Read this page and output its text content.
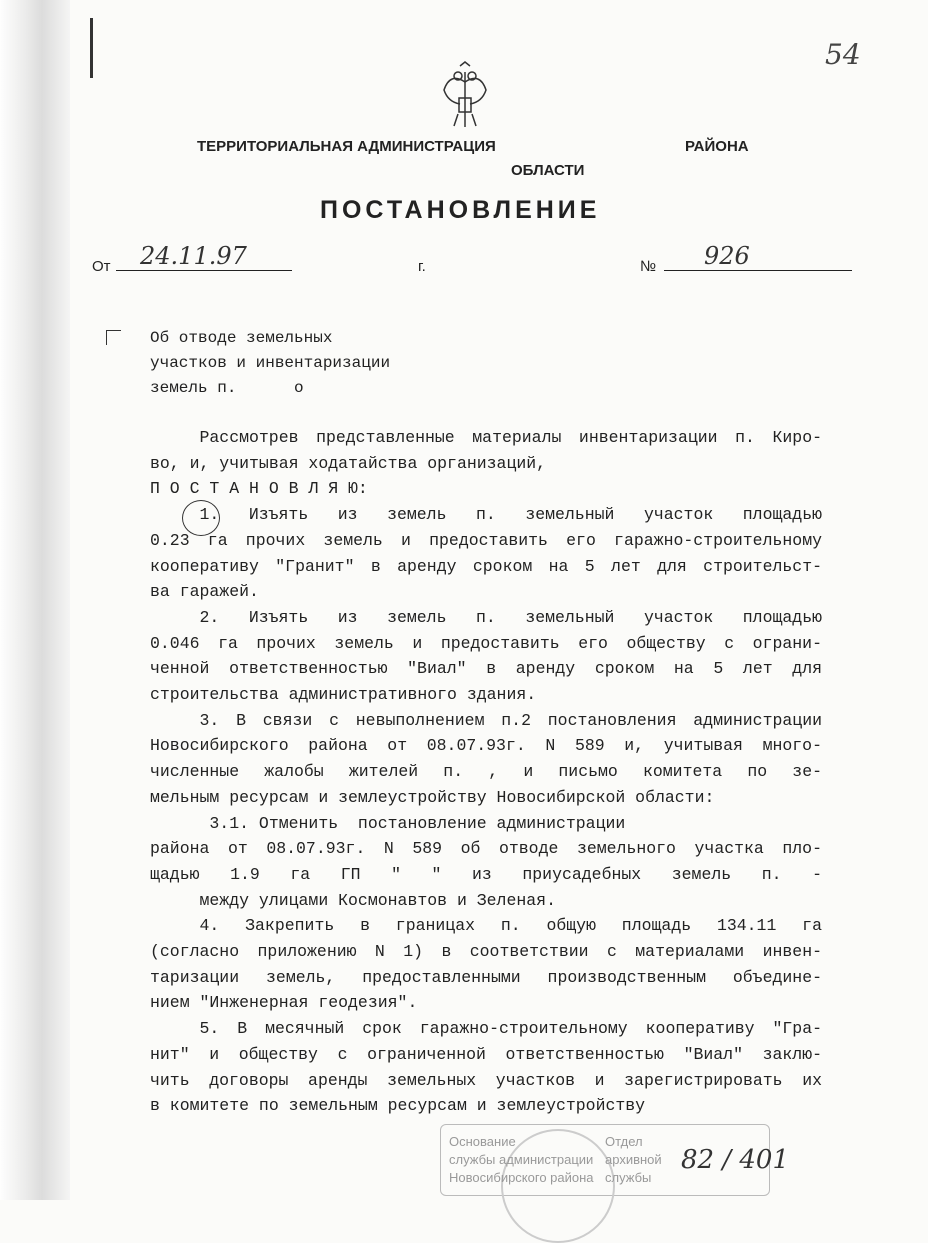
54
ТЕРРИТОРИАЛЬНАЯ АДМИНИСТРАЦИЯ	РАЙОНА
ОБЛАСТИ
ПОСТАНОВЛЕНИЕ
От 24.11.97	г.	№ 926
Об отводе земельных
участков и инвентаризации
земель п.      о
Рассмотрев представленные материалы инвентаризации п. Киро-
во, и, учитывая ходатайства организаций,
П О С Т А Н О В Л Я Ю:
1. Изъять из земель п. земельный участок площадью
0.23 га прочих земель и предоставить его гаражно-строительному
кооперативу "Гранит" в аренду сроком на 5 лет для строительст-
ва гаражей.
2. Изъять из земель п. земельный участок площадью
0.046 га прочих земель и предоставить его обществу с ограни-
ченной ответственностью "Виал" в аренду сроком на 5 лет для
строительства административного здания.
3. В связи с невыполнением п.2 постановления администрации
Новосибирского района от 08.07.93г. N 589 и, учитывая много-
численные жалобы жителей п. , и письмо комитета по зе-
мельным ресурсам и землеустройству Новосибирской области:
3.1. Отменить  постановление администрации
района от 08.07.93г. N 589 об отводе земельного участка пло-
щадью 1.9 га ГП " " из приусадебных земель п. -
между улицами Космонавтов и Зеленая.
4. Закрепить в границах п. общую площадь 134.11 га
(согласно приложению N 1) в соответствии с материалами инвен-
таризации земель, предоставленными производственным объедине-
нием "Инженерная геодезия".
5. В месячный срок гаражно-строительному кооперативу "Гра-
нит" и обществу с ограниченной ответственностью "Виал" заклю-
чить договоры аренды земельных участков и зарегистрировать их
в комитете по земельным ресурсам и землеустройству
Основание	Отдел
службы администрации архивной
Новосибирского района службы
82 / 401
